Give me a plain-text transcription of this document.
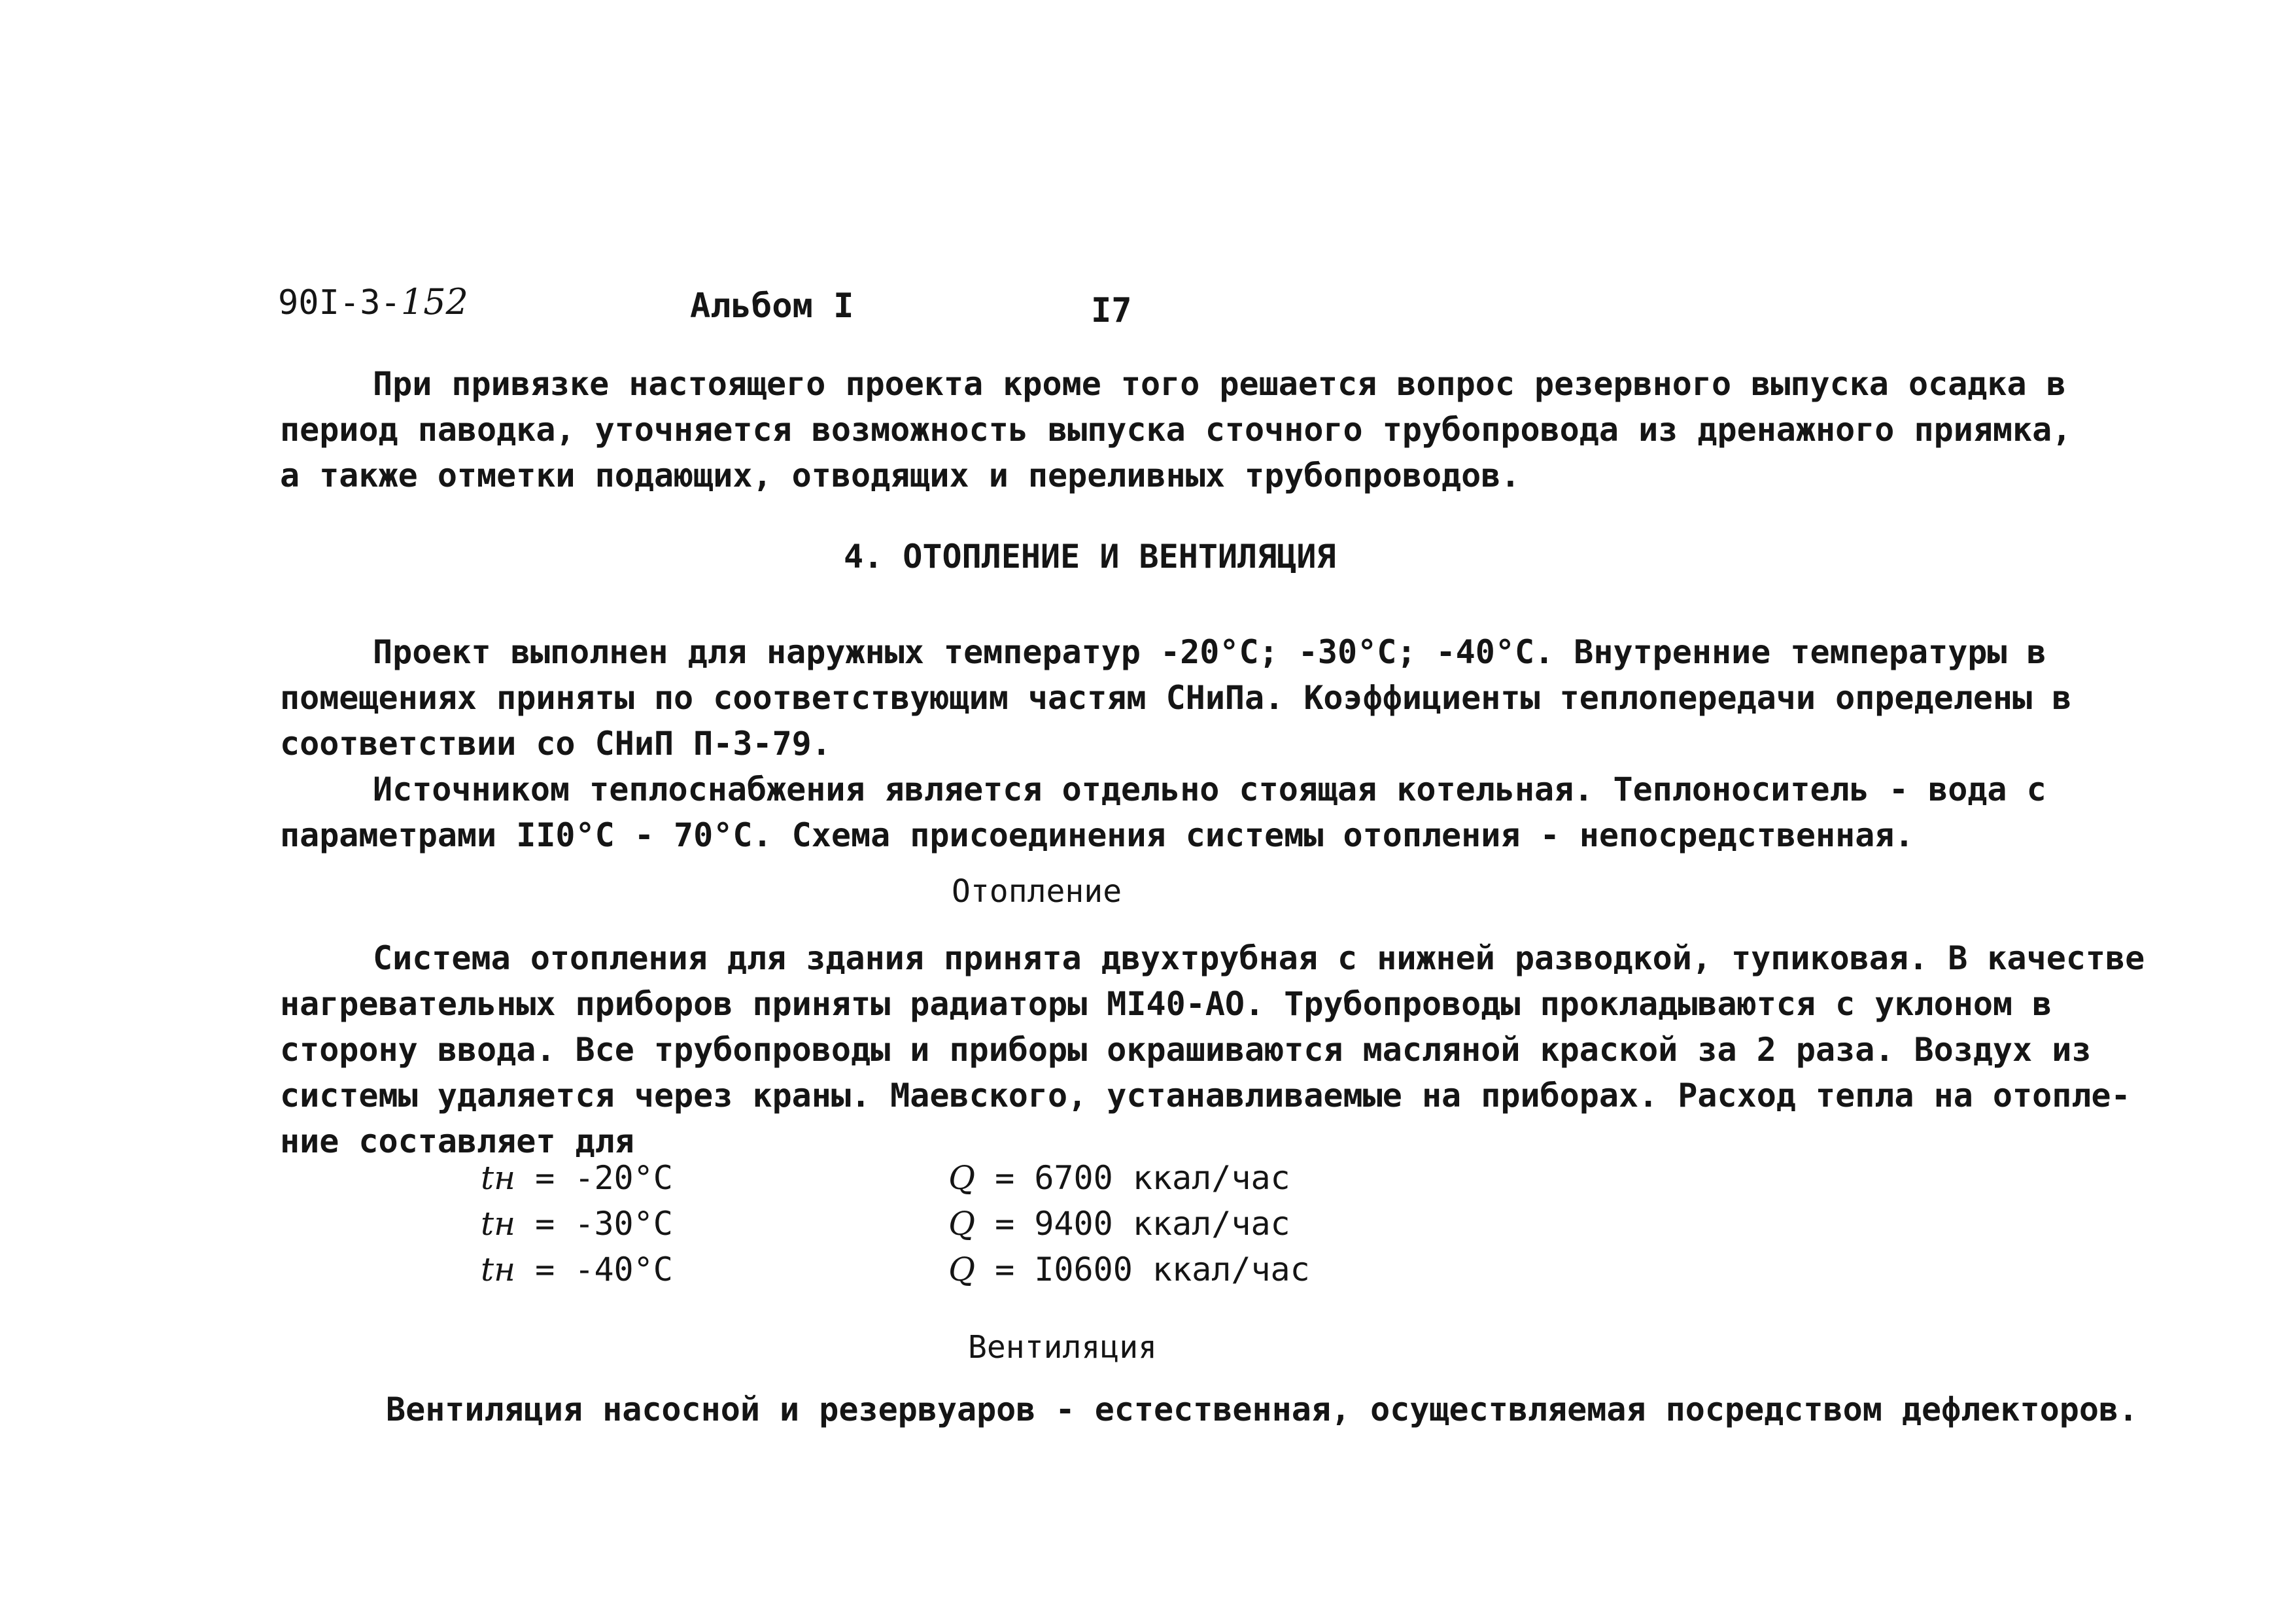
90I-3-152	Альбом I	I7
При привязке настоящего проекта кроме того решается вопрос резервного выпуска осадка в
период паводка, уточняется возможность выпуска сточного трубопровода из дренажного приямка,
а также отметки подающих, отводящих и переливных трубопроводов.
4. ОТОПЛЕНИЕ И ВЕНТИЛЯЦИЯ
Проект выполнен для наружных температур -20°С; -30°С; -40°С. Внутренние температуры в
помещениях приняты по соответствующим частям СНиПа. Коэффициенты теплопередачи определены в
соответствии со СНиП П-3-79.
Источником теплоснабжения является отдельно стоящая котельная. Теплоноситель - вода с
параметрами II0°С - 70°С. Схема присоединения системы отопления - непосредственная.
Отопление
Система отопления для здания принята двухтрубная с нижней разводкой, тупиковая. В качестве
нагревательных приборов приняты радиаторы МI40-АО. Трубопроводы прокладываются с уклоном в
сторону ввода. Все трубопроводы и приборы окрашиваются масляной краской за 2 раза. Воздух из
системы удаляется через краны. Маевского, устанавливаемые на приборах. Расход тепла на отопле-
ние составляет для
tн = -20°С	Q = 6700 ккал/час
tн = -30°С	Q = 9400 ккал/час
tн = -40°С	Q = I0600 ккал/час
Вентиляция
Вентиляция насосной и резервуаров - естественная, осуществляемая посредством дефлекторов.
